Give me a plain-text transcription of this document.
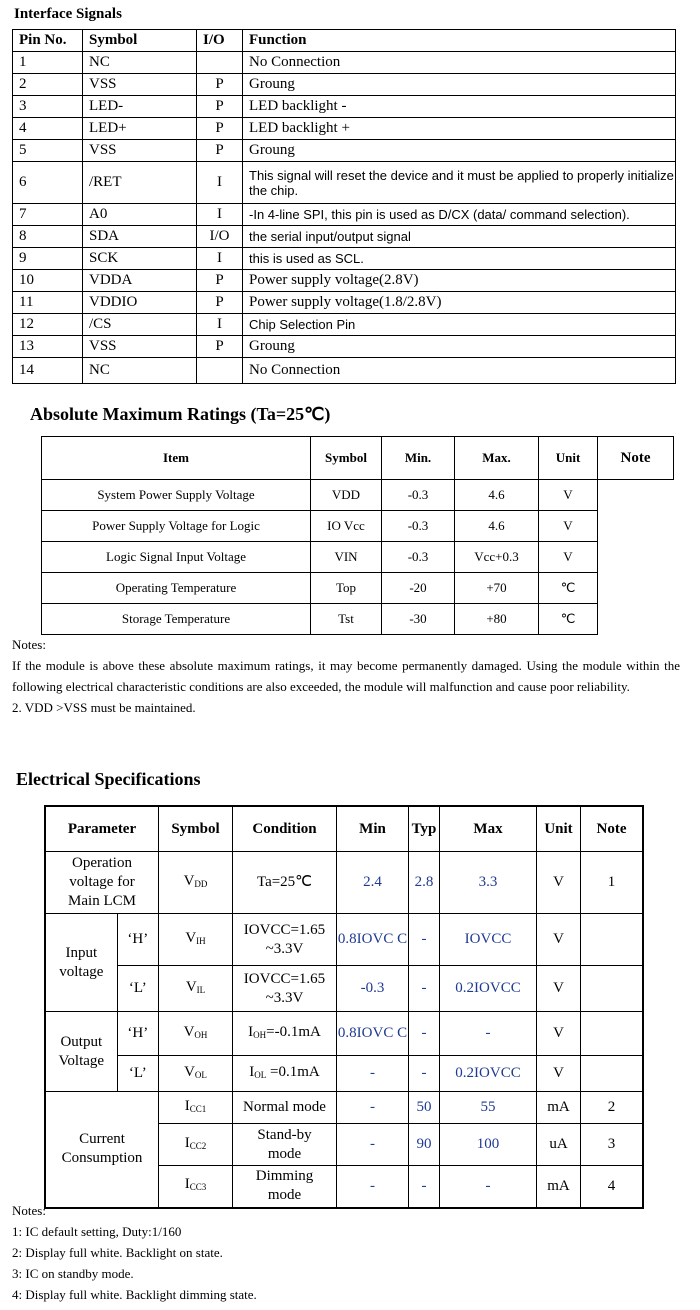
Interface Signals
Pin No.	Symbol	I/O	Function
1	NC		No Connection
2	VSS	P	Groung
3	LED-	P	LED backlight -
4	LED+	P	LED backlight +
5	VSS	P	Groung
6	/RET	I	This signal will reset the device and it must be applied to properly initialize the chip.
7	A0	I	-In 4-line SPI, this pin is used as D/CX (data/ command selection).
8	SDA	I/O	the serial input/output signal
9	SCK	I	this is used as SCL.
10	VDDA	P	Power supply voltage(2.8V)
11	VDDIO	P	Power supply voltage(1.8/2.8V)
12	/CS	I	Chip Selection Pin
13	VSS	P	Groung
14	NC		No Connection
Absolute Maximum Ratings (Ta=25℃)
Item	Symbol	Min.	Max.	Unit	Note
System Power Supply Voltage	VDD	-0.3	4.6	V	
Power Supply Voltage for Logic	IO Vcc	-0.3	4.6	V	
Logic Signal Input Voltage	VIN	-0.3	Vcc+0.3	V	
Operating Temperature	Top	-20	+70	℃	
Storage Temperature	Tst	-30	+80	℃	
Notes:
If the module is above these absolute maximum ratings, it may become permanently damaged. Using the module within the following electrical characteristic conditions are also exceeded, the module will malfunction and cause poor reliability.
2. VDD >VSS must be maintained.
Electrical Specifications
Parameter		Symbol	Condition	Min	Typ	Max	Unit	Note
Operation voltage for Main LCM		$V_{DD}$	Ta=25℃	2.4	2.8	3.3	V	1
Input voltage	‘H’	$V_{IH}$	IOVCC=1.65 ~3.3V	0.8IOVC C	-	IOVCC	V	
	‘L’	$V_{IL}$	IOVCC=1.65 ~3.3V	-0.3	-	0.2IOVCC	V	
Output Voltage	‘H’	$V_{OH}$	$I_{OH}=-0.1mA$	0.8IOVC C	-	-	V	
	‘L’	$V_{OL}$	$I_{OL} =0.1mA$	-	-	0.2IOVCC	V	
Current Consumption		$I_{CC1}$	Normal mode	-	50	55	mA	2
		$I_{CC2}$	Stand-by mode	-	90	100	uA	3
		$I_{CC3}$	Dimming mode	-	-	-	mA	4
Notes:
1: IC default setting, Duty:1/160
2: Display full white. Backlight on state.
3: IC on standby mode.
4: Display full white. Backlight dimming state.
